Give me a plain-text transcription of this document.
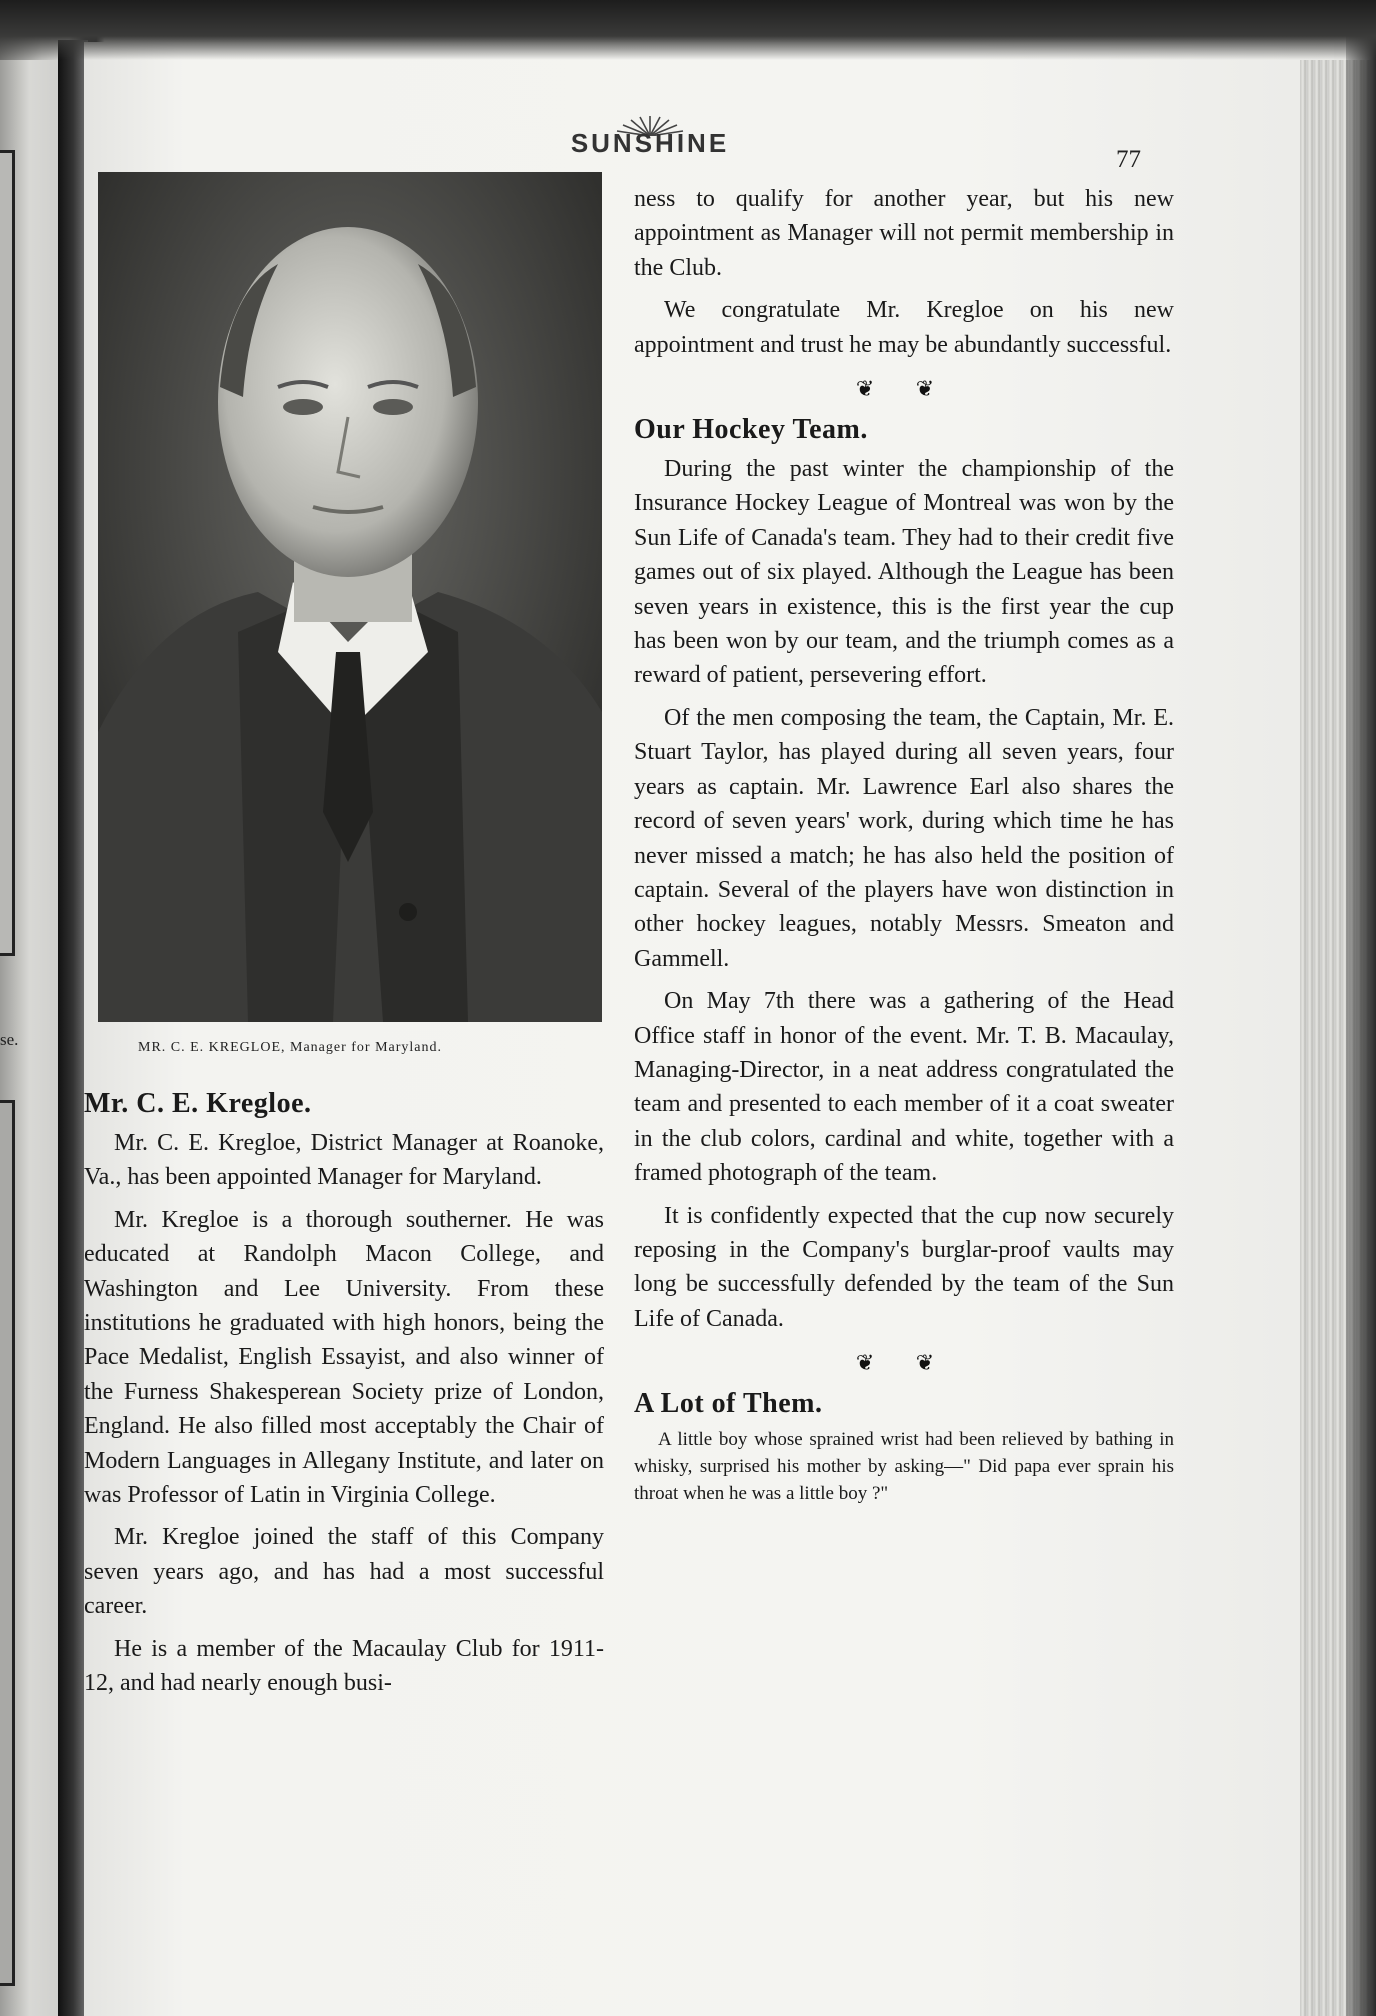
se.
SUNSHINE
77
MR. C. E. KREGLOE, Manager for Maryland.
Mr. C. E. Kregloe.

Mr. C. E. Kregloe, District Manager at Roanoke, Va., has been appointed Manager for Maryland.

Mr. Kregloe is a thorough southerner. He was educated at Randolph Macon College, and Washington and Lee University. From these institutions he graduated with high honors, being the Pace Medalist, English Essayist, and also winner of the Furness Shakesperean Society prize of London, England. He also filled most acceptably the Chair of Modern Languages in Allegany Institute, and later on was Professor of Latin in Virginia College.

Mr. Kregloe joined the staff of this Company seven years ago, and has had a most successful career.

He is a member of the Macaulay Club for 1911-12, and had nearly enough busi-

ness to qualify for another year, but his new appointment as Manager will not permit membership in the Club.

We congratulate Mr. Kregloe on his new appointment and trust he may be abundantly successful.

❦ ❦
Our Hockey Team.

During the past winter the championship of the Insurance Hockey League of Montreal was won by the Sun Life of Canada's team. They had to their credit five games out of six played. Although the League has been seven years in existence, this is the first year the cup has been won by our team, and the triumph comes as a reward of patient, persevering effort.

Of the men composing the team, the Captain, Mr. E. Stuart Taylor, has played during all seven years, four years as captain. Mr. Lawrence Earl also shares the record of seven years' work, during which time he has never missed a match; he has also held the position of captain. Several of the players have won distinction in other hockey leagues, notably Messrs. Smeaton and Gammell.

On May 7th there was a gathering of the Head Office staff in honor of the event. Mr. T. B. Macaulay, Managing-Director, in a neat address congratulated the team and presented to each member of it a coat sweater in the club colors, cardinal and white, together with a framed photograph of the team.

It is confidently expected that the cup now securely reposing in the Company's burglar-proof vaults may long be successfully defended by the team of the Sun Life of Canada.

❦ ❦
A Lot of Them.

A little boy whose sprained wrist had been relieved by bathing in whisky, surprised his mother by asking—" Did papa ever sprain his throat when he was a little boy ?"
